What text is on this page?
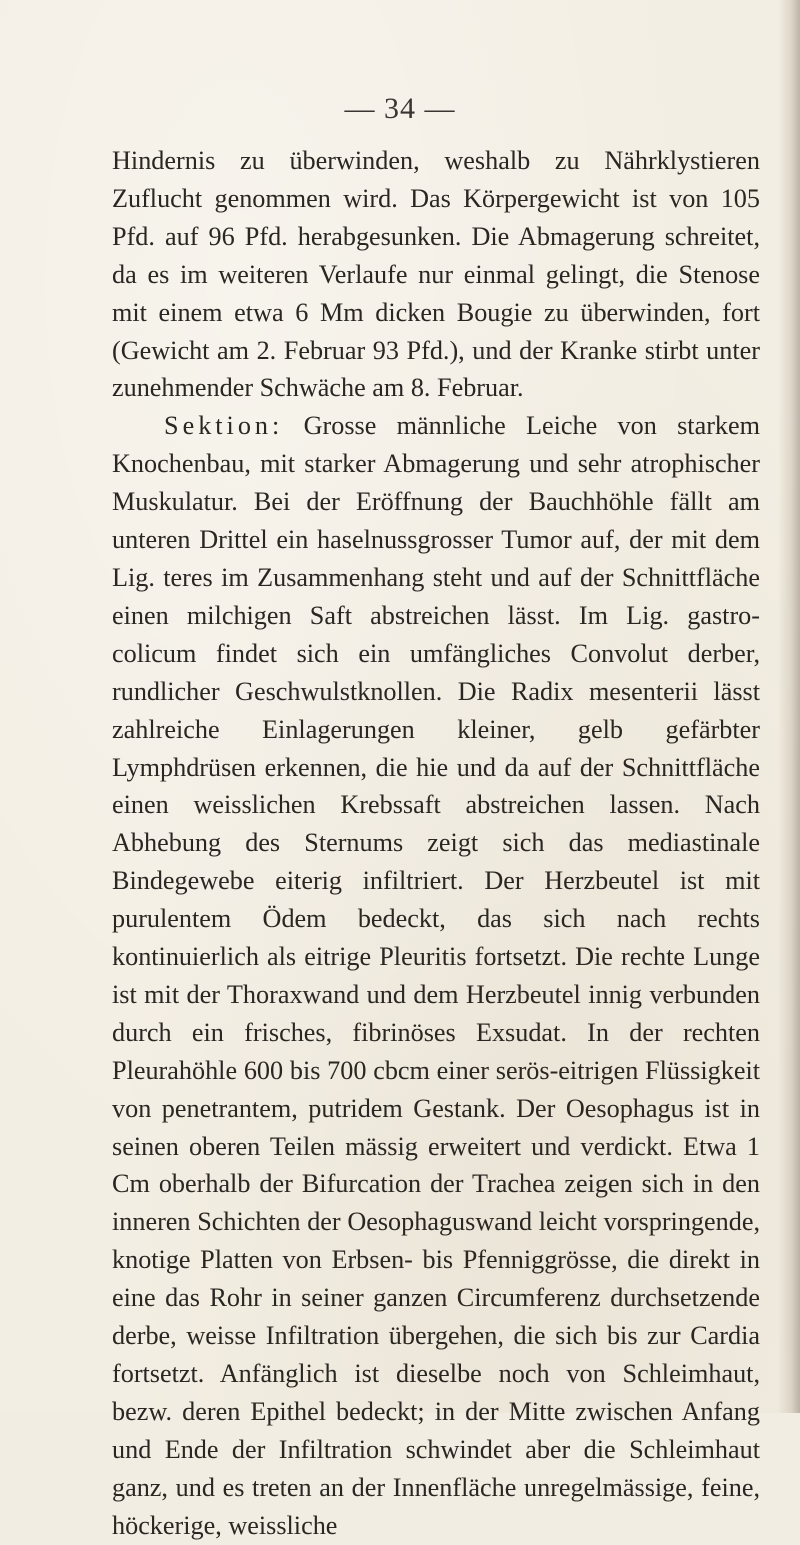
— 34 —

Hindernis zu überwinden, weshalb zu Nährklystieren Zuflucht genommen wird. Das Körpergewicht ist von 105 Pfd. auf 96 Pfd. herabgesunken. Die Abmagerung schreitet, da es im weiteren Verlaufe nur einmal gelingt, die Stenose mit einem etwa 6 Mm dicken Bougie zu überwinden, fort (Gewicht am 2. Februar 93 Pfd.), und der Kranke stirbt unter zunehmender Schwäche am 8. Februar.

Sektion: Grosse männliche Leiche von starkem Knochenbau, mit starker Abmagerung und sehr atrophischer Muskulatur. Bei der Eröffnung der Bauchhöhle fällt am unteren Drittel ein haselnussgrosser Tumor auf, der mit dem Lig. teres im Zusammenhang steht und auf der Schnittfläche einen milchigen Saft abstreichen lässt. Im Lig. gastro-colicum findet sich ein umfängliches Convolut derber, rundlicher Geschwulstknollen. Die Radix mesenterii lässt zahlreiche Einlagerungen kleiner, gelb gefärbter Lymphdrüsen erkennen, die hie und da auf der Schnittfläche einen weisslichen Krebssaft abstreichen lassen. Nach Abhebung des Sternums zeigt sich das mediastinale Bindegewebe eiterig infiltriert. Der Herzbeutel ist mit purulentem Ödem bedeckt, das sich nach rechts kontinuierlich als eitrige Pleuritis fortsetzt. Die rechte Lunge ist mit der Thoraxwand und dem Herzbeutel innig verbunden durch ein frisches, fibrinöses Exsudat. In der rechten Pleurahöhle 600 bis 700 cbcm einer serös-eitrigen Flüssigkeit von penetrantem, putridem Gestank. Der Oesophagus ist in seinen oberen Teilen mässig erweitert und verdickt. Etwa 1 Cm oberhalb der Bifurcation der Trachea zeigen sich in den inneren Schichten der Oesophaguswand leicht vorspringende, knotige Platten von Erbsen- bis Pfenniggrösse, die direkt in eine das Rohr in seiner ganzen Circumferenz durchsetzende derbe, weisse Infiltration übergehen, die sich bis zur Cardia fortsetzt. Anfänglich ist dieselbe noch von Schleimhaut, bezw. deren Epithel bedeckt; in der Mitte zwischen Anfang und Ende der Infiltration schwindet aber die Schleimhaut ganz, und es treten an der Innenfläche unregelmässige, feine, höckerige, weissliche
